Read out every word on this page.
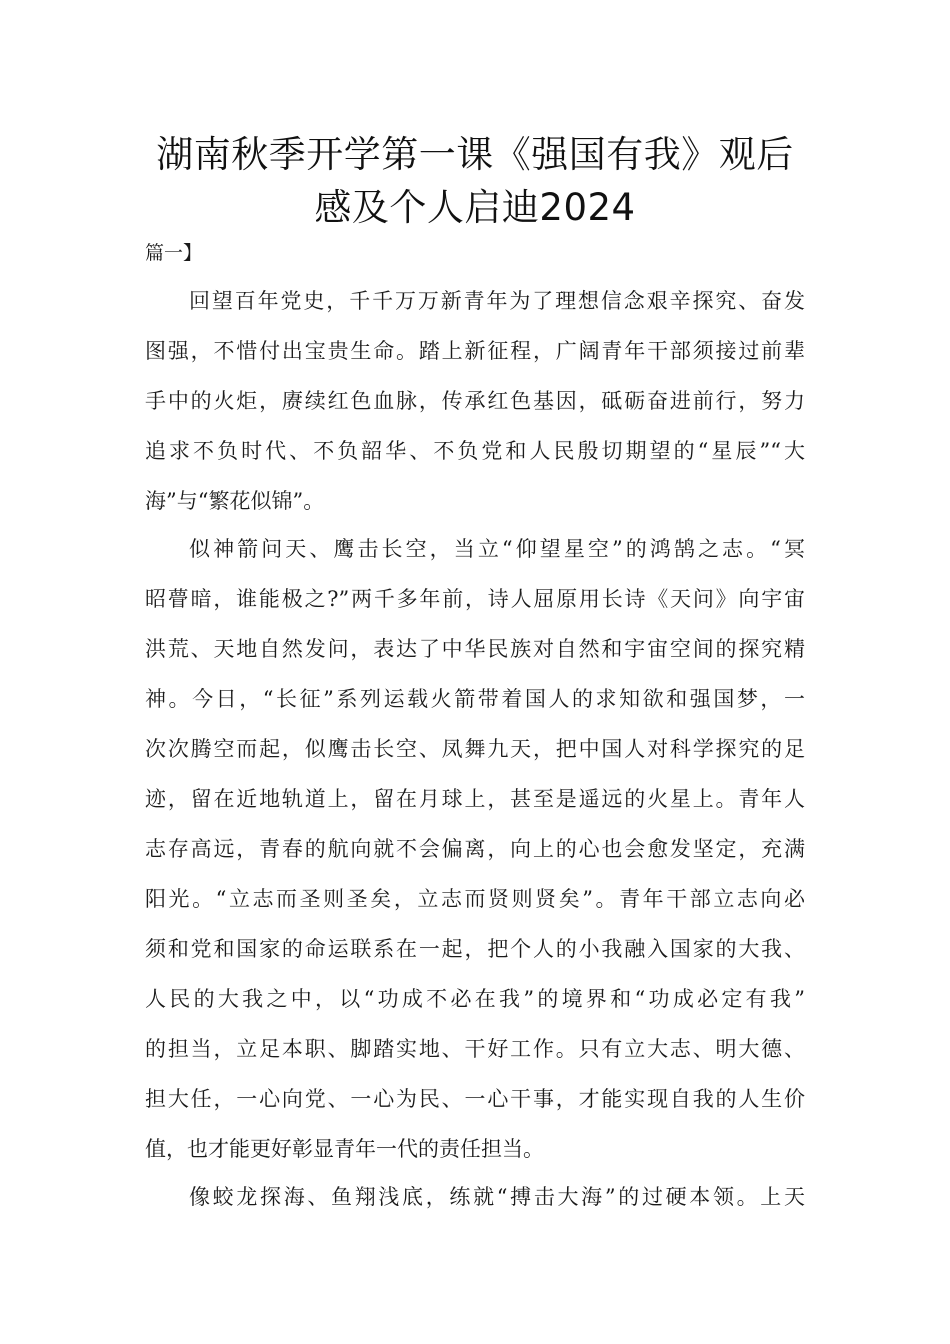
湖南秋季开学第一课《强国有我》观后
感及个人启迪2024

篇一】

回望百年党史，千千万万新青年为了理想信念艰辛探究、奋发
图强，不惜付出宝贵生命。踏上新征程，广阔青年干部须接过前辈
手中的火炬，赓续红色血脉，传承红色基因，砥砺奋进前行，努力
追求不负时代、不负韶华、不负党和人民殷切期望的“星辰”“大
海”与“繁花似锦”。
似神箭问天、鹰击长空，当立“仰望星空”的鸿鹄之志。“冥
昭瞢暗，谁能极之?”两千多年前，诗人屈原用长诗《天问》向宇宙
洪荒、天地自然发问，表达了中华民族对自然和宇宙空间的探究精
神。今日，“长征”系列运载火箭带着国人的求知欲和强国梦，一
次次腾空而起，似鹰击长空、凤舞九天，把中国人对科学探究的足
迹，留在近地轨道上，留在月球上，甚至是遥远的火星上。青年人
志存高远，青春的航向就不会偏离，向上的心也会愈发坚定，充满
阳光。“立志而圣则圣矣，立志而贤则贤矣”。青年干部立志向必
须和党和国家的命运联系在一起，把个人的小我融入国家的大我、
人民的大我之中，以“功成不必在我”的境界和“功成必定有我”
的担当，立足本职、脚踏实地、干好工作。只有立大志、明大德、
担大任，一心向党、一心为民、一心干事，才能实现自我的人生价
值，也才能更好彰显青年一代的责任担当。
像蛟龙探海、鱼翔浅底，练就“搏击大海”的过硬本领。上天
